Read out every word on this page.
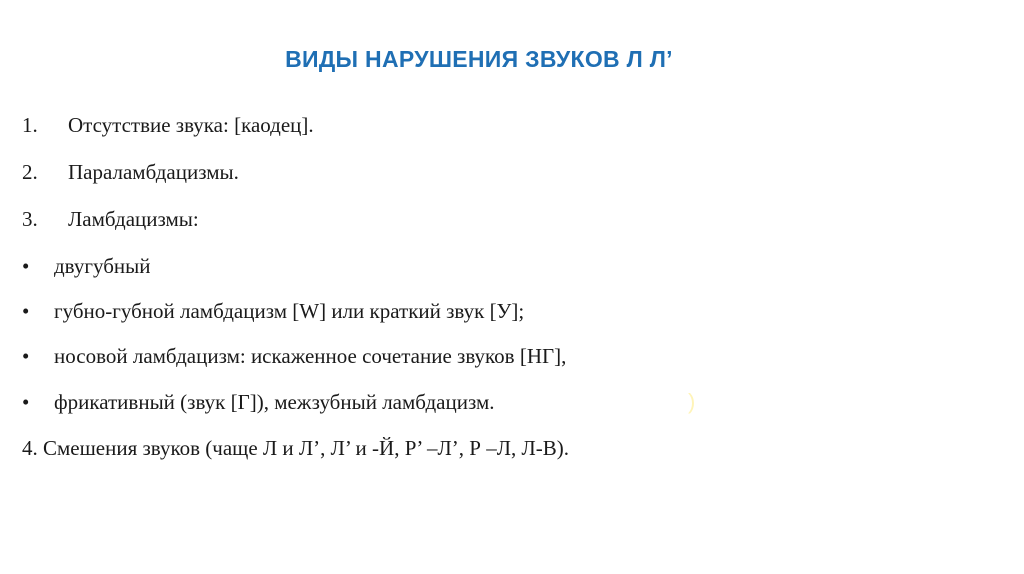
ВИДЫ НАРУШЕНИЯ ЗВУКОВ Л Л’
1. Отсутствие звука: [каодец].
2. Параламбдацизмы.
3. Ламбдацизмы:
• двугубный
• губно-губной ламбдацизм [W] или краткий звук [У];
• носовой ламбдацизм: искаженное сочетание звуков [НГ],
• фрикативный (звук [Г]), межзубный ламбдацизм.
4. Смешения звуков (чаще Л и Л’, Л’ и -Й, Р’ –Л’, Р –Л, Л-В).
)
